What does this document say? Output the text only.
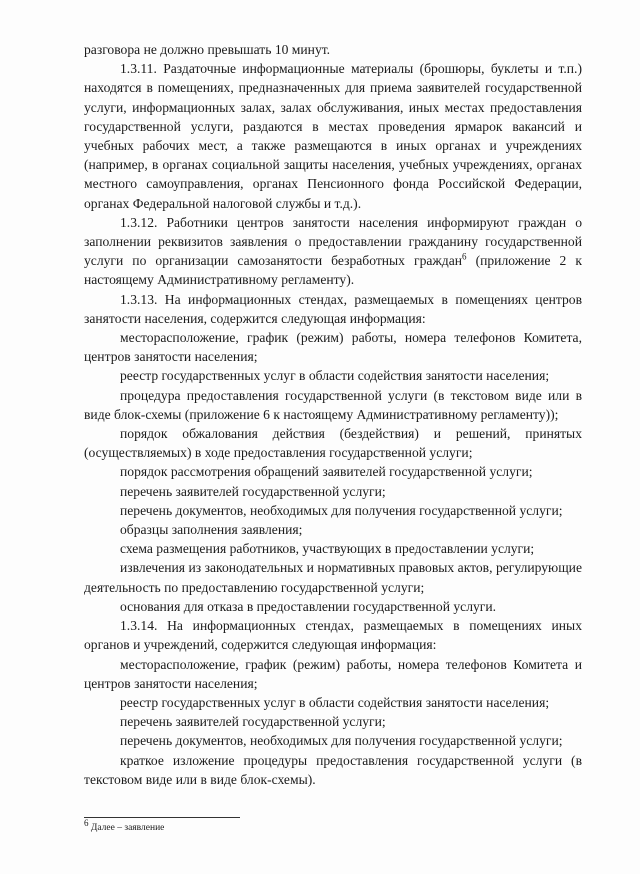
разговора не должно превышать 10 минут.

1.3.11. Раздаточные информационные материалы (брошюры, буклеты и т.п.) находятся в помещениях, предназначенных для приема заявителей государственной услуги, информационных залах, залах обслуживания, иных местах предоставления государственной услуги, раздаются в местах проведения ярмарок вакансий и учебных рабочих мест, а также размещаются в иных органах и учреждениях (например, в органах социальной защиты населения, учебных учреждениях, органах местного самоуправления, органах Пенсионного фонда Российской Федерации, органах Федеральной налоговой службы и т.д.).

1.3.12. Работники центров занятости населения информируют граждан о заполнении реквизитов заявления о предоставлении гражданину государственной услуги по организации самозанятости безработных граждан$^6$ (приложение 2 к настоящему Административному регламенту).

1.3.13. На информационных стендах, размещаемых в помещениях центров занятости населения, содержится следующая информация:

месторасположение, график (режим) работы, номера телефонов Комитета, центров занятости населения;

реестр государственных услуг в области содействия занятости населения;

процедура предоставления государственной услуги (в текстовом виде или в виде блок-схемы (приложение 6 к настоящему Административному регламенту));

порядок обжалования действия (бездействия) и решений, принятых (осуществляемых) в ходе предоставления государственной услуги;

порядок рассмотрения обращений заявителей государственной услуги;

перечень заявителей государственной услуги;

перечень документов, необходимых для получения государственной услуги;

образцы заполнения заявления;

схема размещения работников, участвующих в предоставлении услуги;

извлечения из законодательных и нормативных правовых актов, регулирующие деятельность по предоставлению государственной услуги;

основания для отказа в предоставлении государственной услуги.

1.3.14. На информационных стендах, размещаемых в помещениях иных органов и учреждений, содержится следующая информация:

месторасположение, график (режим) работы, номера телефонов Комитета и центров занятости населения;

реестр государственных услуг в области содействия занятости населения;

перечень заявителей государственной услуги;

перечень документов, необходимых для получения государственной услуги;

краткое изложение процедуры предоставления государственной услуги (в текстовом виде или в виде блок-схемы).

6 Далее – заявление
